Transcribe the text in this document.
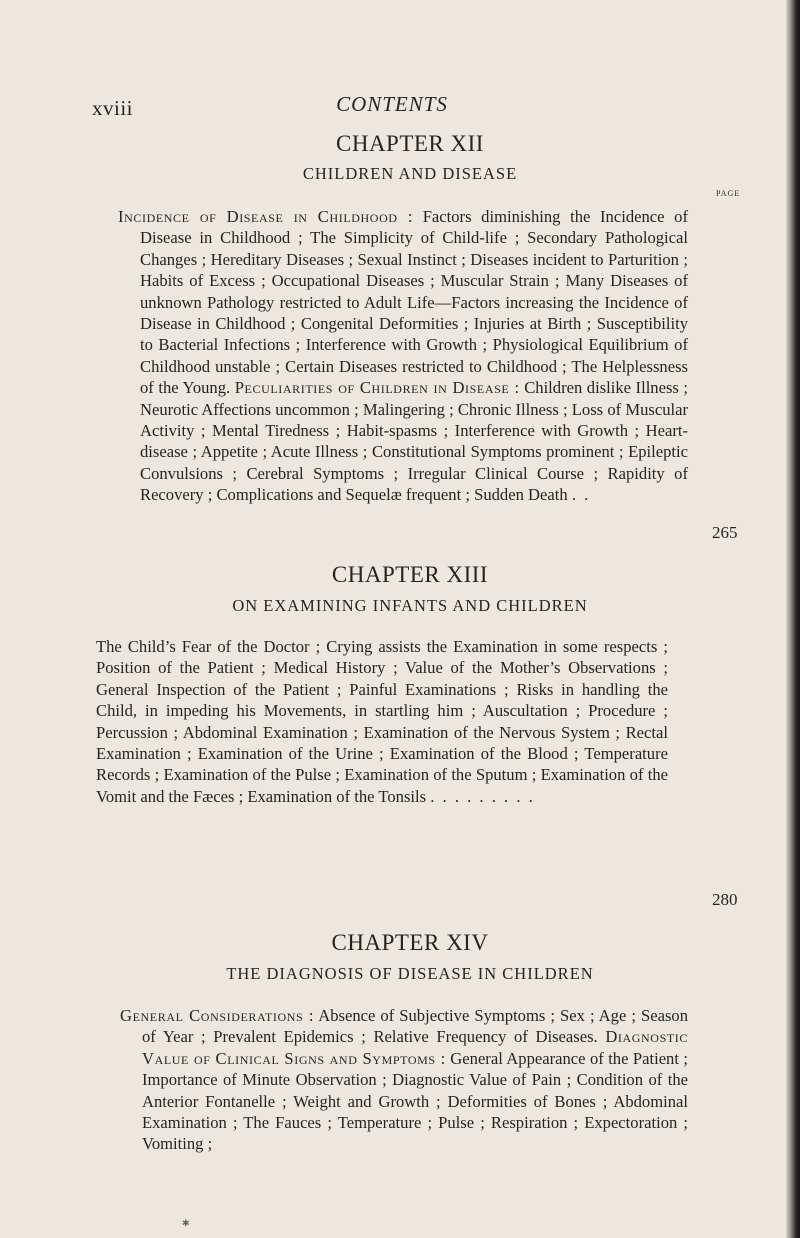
xviii	CONTENTS
CHAPTER XII
CHILDREN AND DISEASE
PAGE

Incidence of Disease in Childhood : Factors diminishing the Incidence of Disease in Childhood ; The Simplicity of Child-life ; Secondary Pathological Changes ; Hereditary Diseases ; Sexual Instinct ; Diseases incident to Parturition ; Habits of Excess ; Occupational Diseases ; Muscular Strain ; Many Diseases of unknown Pathology restricted to Adult Life—Factors increasing the Incidence of Disease in Childhood ; Congenital Deformities ; Injuries at Birth ; Susceptibility to Bacterial Infections ; Interference with Growth ; Physiological Equilibrium of Childhood unstable ; Certain Diseases restricted to Childhood ; The Helplessness of the Young. Peculiarities of Children in Disease : Children dislike Illness ; Neurotic Affections uncommon ; Malingering ; Chronic Illness ; Loss of Muscular Activity ; Mental Tiredness ; Habit-spasms ; Interference with Growth ; Heart-disease ; Appetite ; Acute Illness ; Constitutional Symptoms prominent ; Epileptic Convulsions ; Cerebral Symptoms ; Irregular Clinical Course ; Rapidity of Recovery ; Complications and Sequelæ frequent ; Sudden Death . .

265
CHAPTER XIII
ON EXAMINING INFANTS AND CHILDREN

The Child’s Fear of the Doctor ; Crying assists the Examination in some respects ; Position of the Patient ; Medical History ; Value of the Mother’s Observations ; General Inspection of the Patient ; Painful Examinations ; Risks in handling the Child, in impeding his Movements, in startling him ; Auscultation ; Procedure ; Percussion ; Abdominal Examination ; Examination of the Nervous System ; Rectal Examination ; Examination of the Urine ; Examination of the Blood ; Temperature Records ; Examination of the Pulse ; Examination of the Sputum ; Examination of the Vomit and the Fæces ; Examination of the Tonsils . . . . . . . . .

280
CHAPTER XIV
THE DIAGNOSIS OF DISEASE IN CHILDREN

General Considerations : Absence of Subjective Symptoms ; Sex ; Age ; Season of Year ; Prevalent Epidemics ; Relative Frequency of Diseases. Diagnostic Value of Clinical Signs and Symptoms : General Appearance of the Patient ; Importance of Minute Observation ; Diagnostic Value of Pain ; Condition of the Anterior Fontanelle ; Weight and Growth ; Deformities of Bones ; Abdominal Examination ; The Fauces ; Temperature ; Pulse ; Respiration ; Expectoration ; Vomiting ;

✱
